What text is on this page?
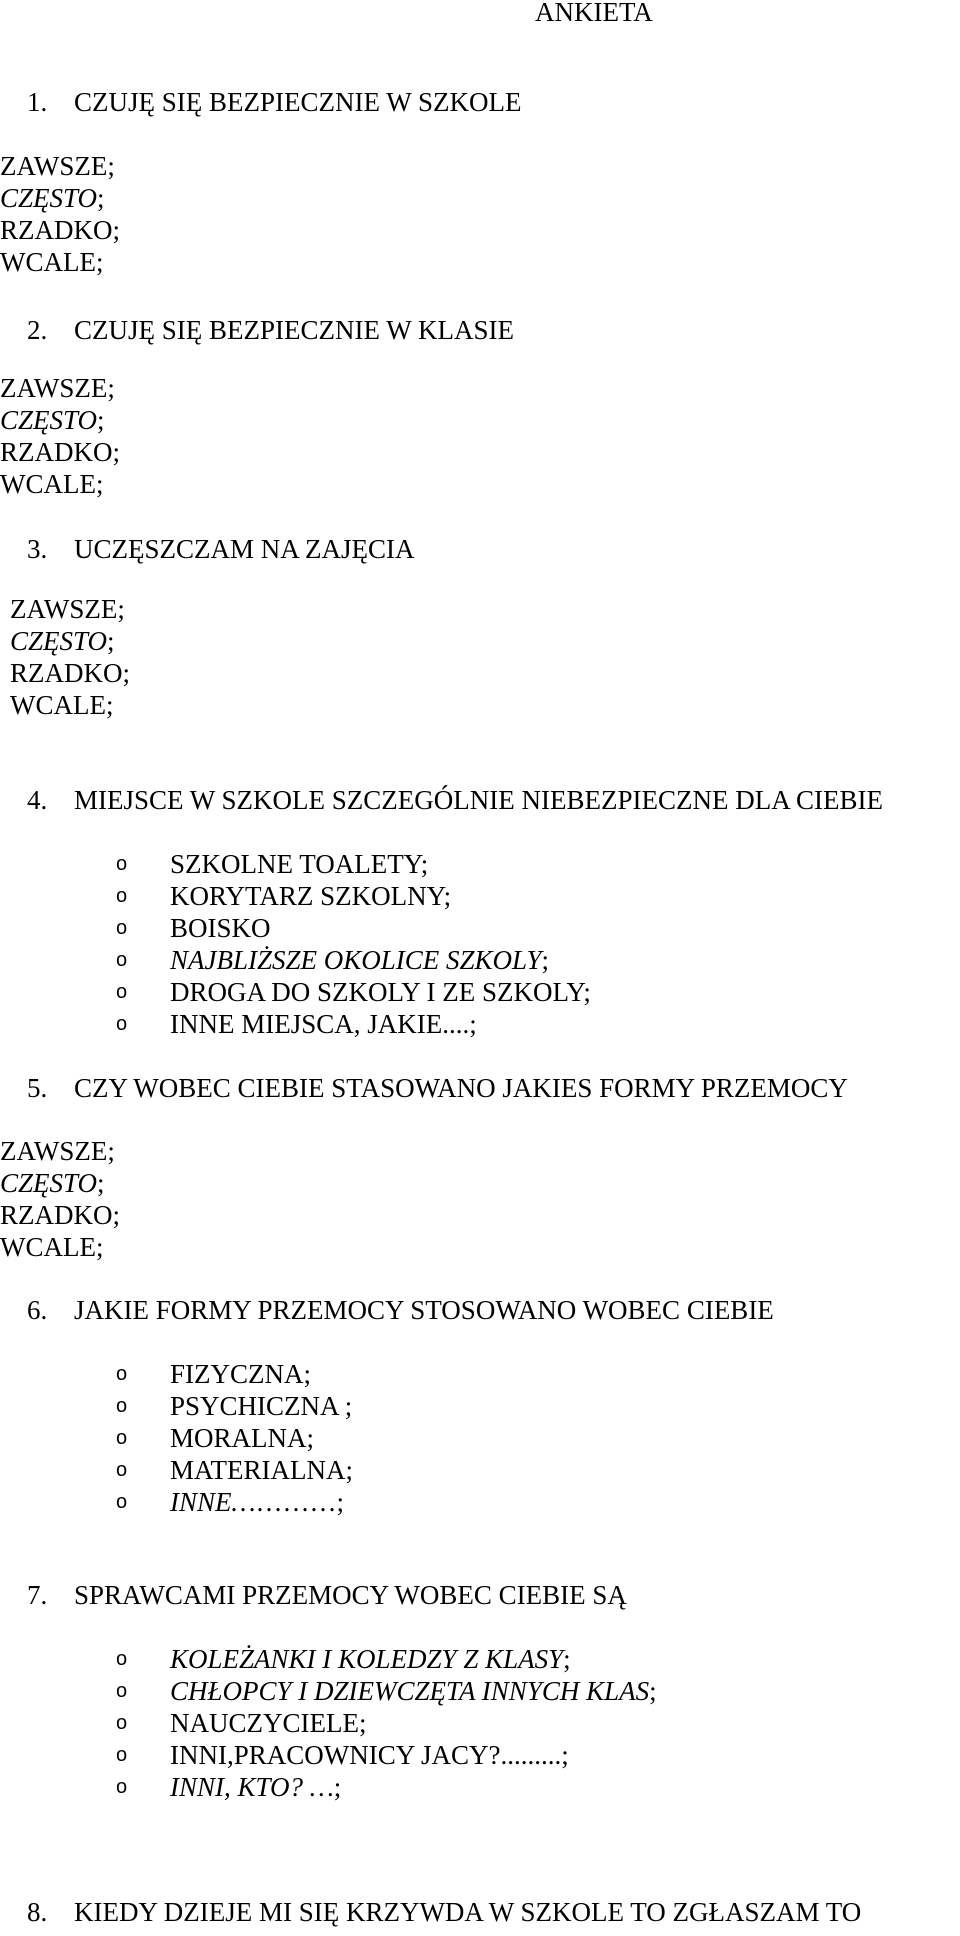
ANKIETA
1. CZUJĘ SIĘ BEZPIECZNIE W SZKOLE
ZAWSZE;
CZĘSTO;
RZADKO;
WCALE;
2. CZUJĘ SIĘ BEZPIECZNIE W KLASIE
ZAWSZE;
CZĘSTO;
RZADKO;
WCALE;
3. UCZĘSZCZAM NA ZAJĘCIA
ZAWSZE;
CZĘSTO;
RZADKO;
WCALE;
4. MIEJSCE W SZKOLE SZCZEGÓLNIE NIEBEZPIECZNE DLA CIEBIE
o SZKOLNE TOALETY;
o KORYTARZ SZKOLNY;
o BOISKO
o NAJBLIŻSZE OKOLICE SZKOLY;
o DROGA DO SZKOLY I ZE SZKOLY;
o INNE MIEJSCA, JAKIE....;
5. CZY WOBEC CIEBIE STASOWANO JAKIES FORMY PRZEMOCY
ZAWSZE;
CZĘSTO;
RZADKO;
WCALE;
6. JAKIE FORMY PRZEMOCY STOSOWANO WOBEC CIEBIE
o FIZYCZNA;
o PSYCHICZNA ;
o MORALNA;
o MATERIALNA;
o INNE…………;
7. SPRAWCAMI PRZEMOCY WOBEC CIEBIE SĄ
o KOLEŻANKI I KOLEDZY Z KLASY;
o CHŁOPCY I DZIEWCZĘTA INNYCH KLAS;
o NAUCZYCIELE;
o INNI,PRACOWNICY JACY?.........;
o INNI, KTO? …;
8. KIEDY DZIEJE MI SIĘ KRZYWDA W SZKOLE TO ZGŁASZAM TO
